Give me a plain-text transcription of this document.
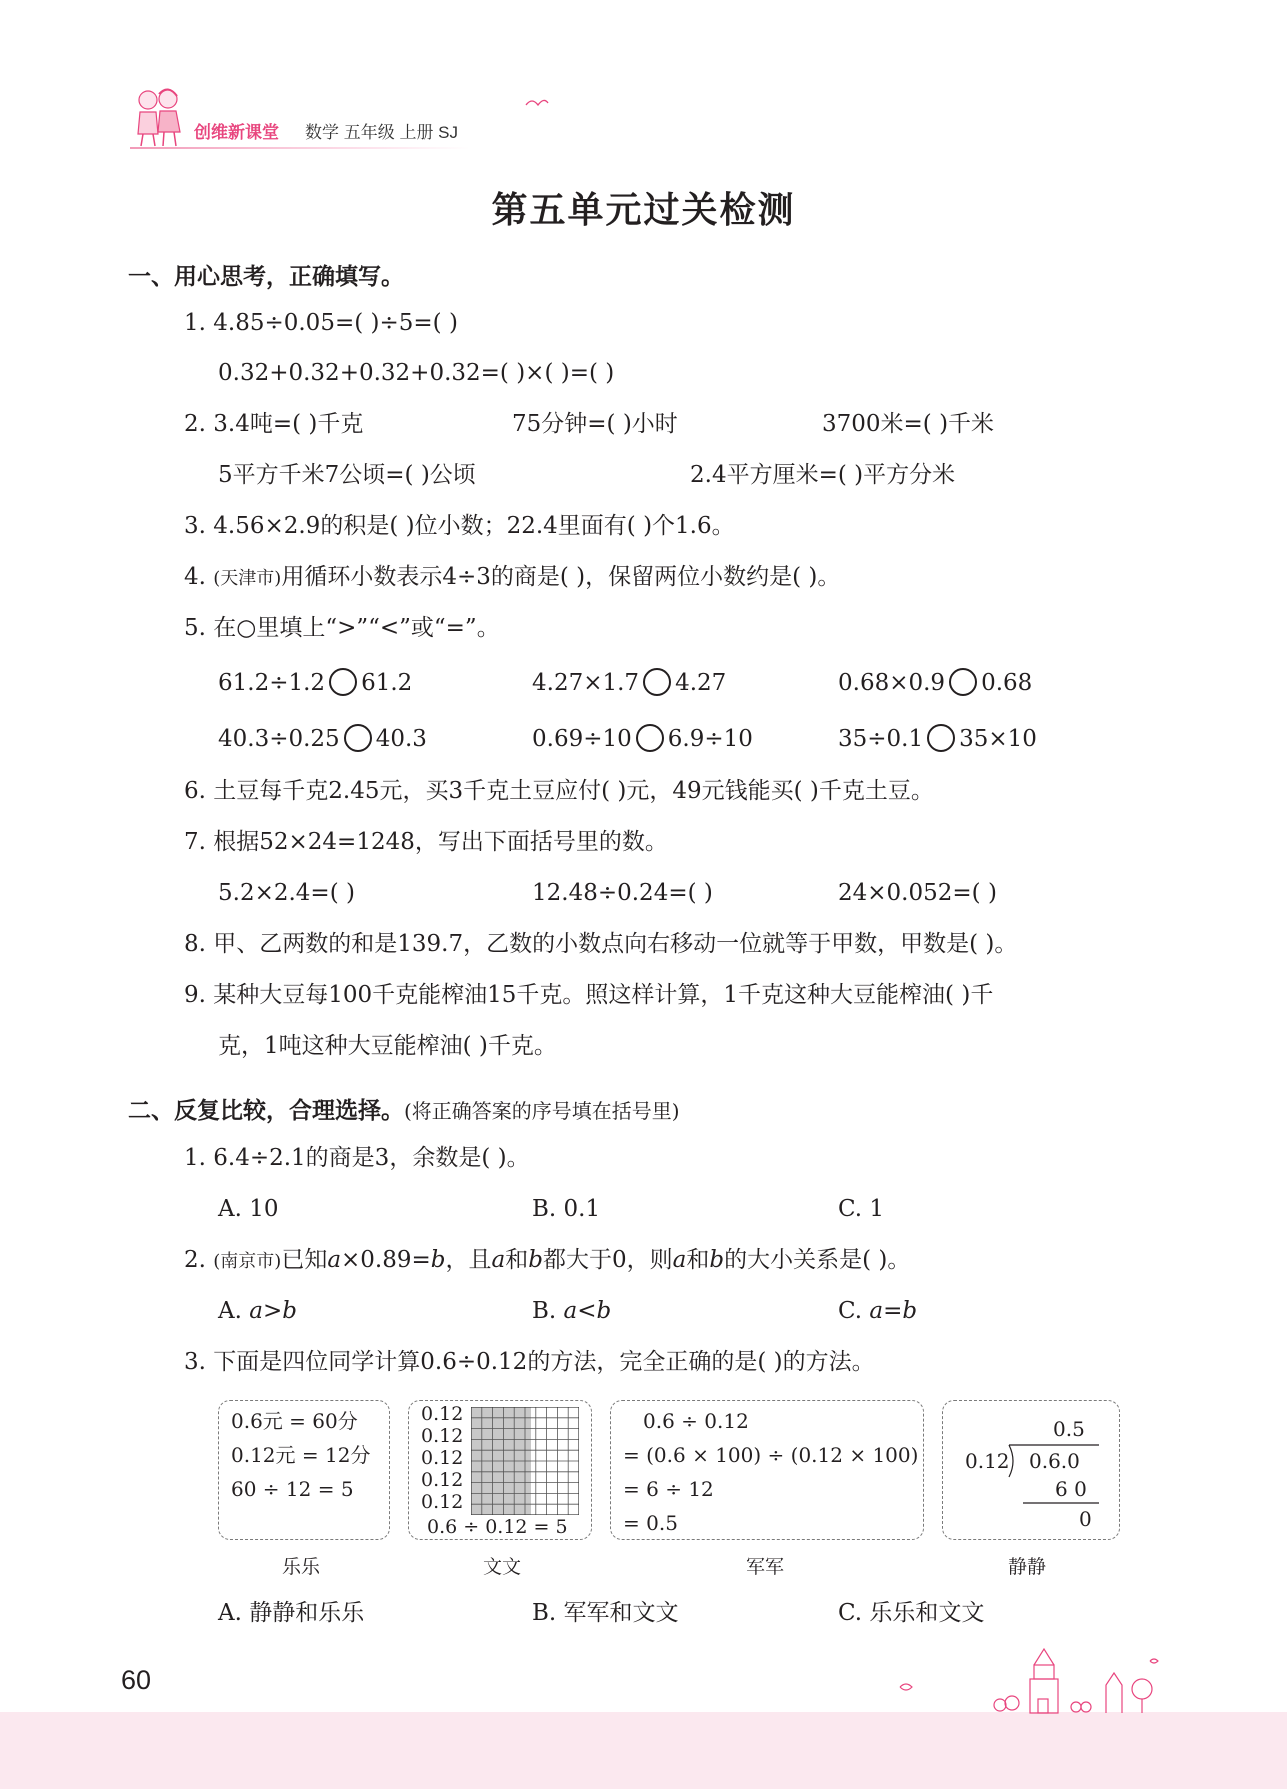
创维新课堂 数学 五年级 上册 SJ
第五单元过关检测
一、用心思考，正确填写。
1. 4.85÷0.05=( )÷5=( )
0.32+0.32+0.32+0.32=( )×( )=( )
2. 3.4吨=( )千克	75分钟=( )小时	3700米=( )千米
5平方千米7公顷=( )公顷	2.4平方厘米=( )平方分米
3. 4.56×2.9的积是( )位小数；22.4里面有( )个1.6。
4. (天津市)用循环小数表示4÷3的商是( )，保留两位小数约是( )。
5. 在○里填上“>”“<”或“=”。
61.2÷1.2 61.2	4.27×1.7 4.27	0.68×0.9 0.68
40.3÷0.25 40.3	0.69÷10 6.9÷10	35÷0.1 35×10
6. 土豆每千克2.45元，买3千克土豆应付( )元，49元钱能买( )千克土豆。
7. 根据52×24=1248，写出下面括号里的数。
5.2×2.4=( )	12.48÷0.24=( )	24×0.052=( )
8. 甲、乙两数的和是139.7，乙数的小数点向右移动一位就等于甲数，甲数是( )。
9. 某种大豆每100千克能榨油15千克。照这样计算，1千克这种大豆能榨油( )千
克，1吨这种大豆能榨油( )千克。
二、反复比较，合理选择。(将正确答案的序号填在括号里)
1. 6.4÷2.1的商是3，余数是( )。
A. 10	B. 0.1	C. 1
2. (南京市)已知a×0.89=b，且a和b都大于0，则a和b的大小关系是( )。
A. a>b	B. a<b	C. a=b
3. 下面是四位同学计算0.6÷0.12的方法，完全正确的是( )的方法。
0.6元 = 60分
0.12元 = 12分
60 ÷ 12 = 5
乐乐
0.12
0.12
0.12
0.12
0.12
0.6 ÷ 0.12 = 5
文文
0.6 ÷ 0.12
= (0.6 × 100) ÷ (0.12 × 100)
= 6 ÷ 12
= 0.5
军军
0.5
0.12 0.6.0
6 0
0
静静
A. 静静和乐乐	B. 军军和文文	C. 乐乐和文文
60
